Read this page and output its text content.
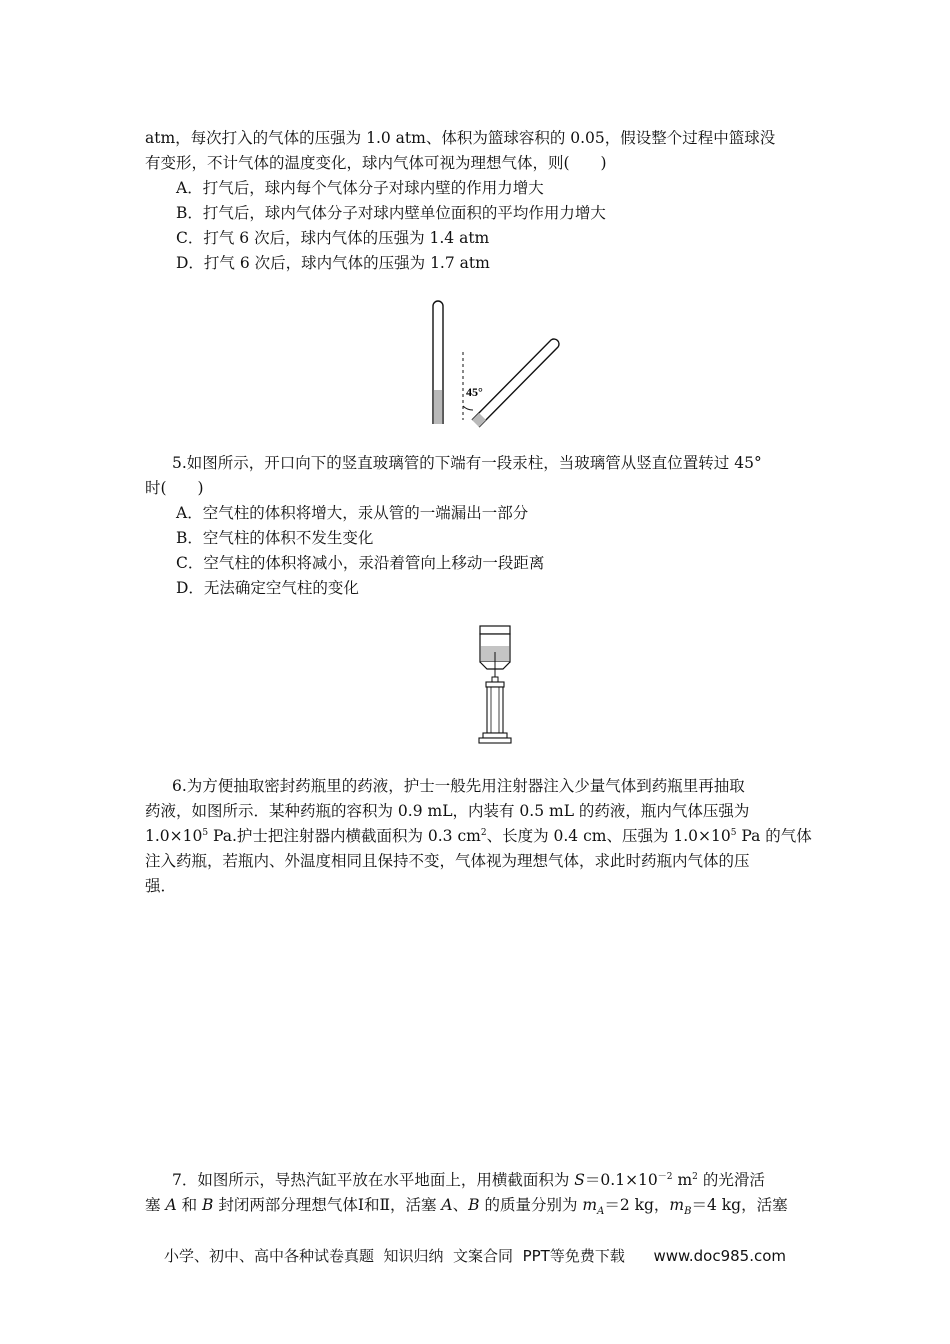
atm，每次打入的气体的压强为 1.0 atm、体积为篮球容积的 0.05，假设整个过程中篮球没
有变形，不计气体的温度变化，球内气体可视为理想气体，则(　　)
A．打气后，球内每个气体分子对球内壁的作用力增大
B．打气后，球内气体分子对球内壁单位面积的平均作用力增大
C．打气 6 次后，球内气体的压强为 1.4 atm
D．打气 6 次后，球内气体的压强为 1.7 atm
45°
5.如图所示，开口向下的竖直玻璃管的下端有一段汞柱，当玻璃管从竖直位置转过 45°
时(　　)
A．空气柱的体积将增大，汞从管的一端漏出一部分
B．空气柱的体积不发生变化
C．空气柱的体积将减小，汞沿着管向上移动一段距离
D．无法确定空气柱的变化
6.为方便抽取密封药瓶里的药液，护士一般先用注射器注入少量气体到药瓶里再抽取
药液，如图所示．某种药瓶的容积为 0.9 mL，内装有 0.5 mL 的药液，瓶内气体压强为
$1.0\times 10^5$ Pa.护士把注射器内横截面积为 0.3 $cm^2$、长度为 0.4 cm、压强为 $1.0\times 10^5$ Pa 的气体
注入药瓶，若瓶内、外温度相同且保持不变，气体视为理想气体，求此时药瓶内气体的压
强．
7．如图所示，导热汽缸平放在水平地面上，用横截面积为 $S=0.1\times 10^{-2}$ $m^2$ 的光滑活
塞 A 和 B 封闭两部分理想气体Ⅰ和Ⅱ，活塞 A、B 的质量分别为 $m_A=2$ kg，$m_B=4$ kg，活塞
小学、初中、高中各种试卷真题  知识归纳  文案合同  PPT等免费下载      www.doc985.com
